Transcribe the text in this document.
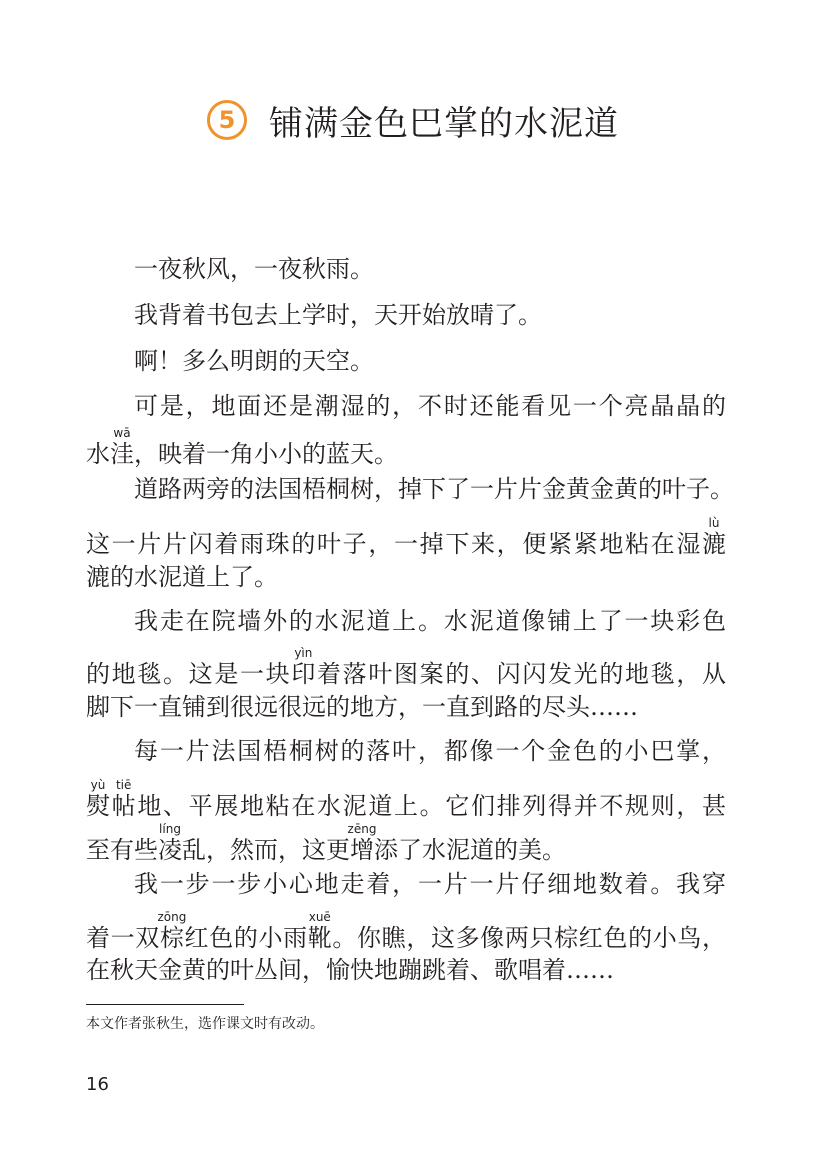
5 铺满金色巴掌的水泥道
一夜秋风，一夜秋雨。
我背着书包去上学时，天开始放晴了。
啊！多么明朗的天空。
可是，地面还是潮湿的，不时还能看见一个亮晶晶的
水洼wā，映着一角小小的蓝天。
道路两旁的法国梧桐树，掉下了一片片金黄金黄的叶子。
这一片片闪着雨珠的叶子，一掉下来，便紧紧地粘在湿漉lù
漉的水泥道上了。
我走在院墙外的水泥道上。水泥道像铺上了一块彩色
的地毯。这是一块印yìn着落叶图案的、闪闪发光的地毯，从
脚下一直铺到很远很远的地方，一直到路的尽头……
每一片法国梧桐树的落叶，都像一个金色的小巴掌，
熨yù帖tiē地、平展地粘在水泥道上。它们排列得并不规则，甚
至有些凌líng乱，然而，这更增zēng添了水泥道的美。
我一步一步小心地走着，一片一片仔细地数着。我穿
着一双棕zōng红色的小雨靴xuē。你瞧，这多像两只棕红色的小鸟，
在秋天金黄的叶丛间，愉快地蹦跳着、歌唱着……
本文作者张秋生，选作课文时有改动。
16
